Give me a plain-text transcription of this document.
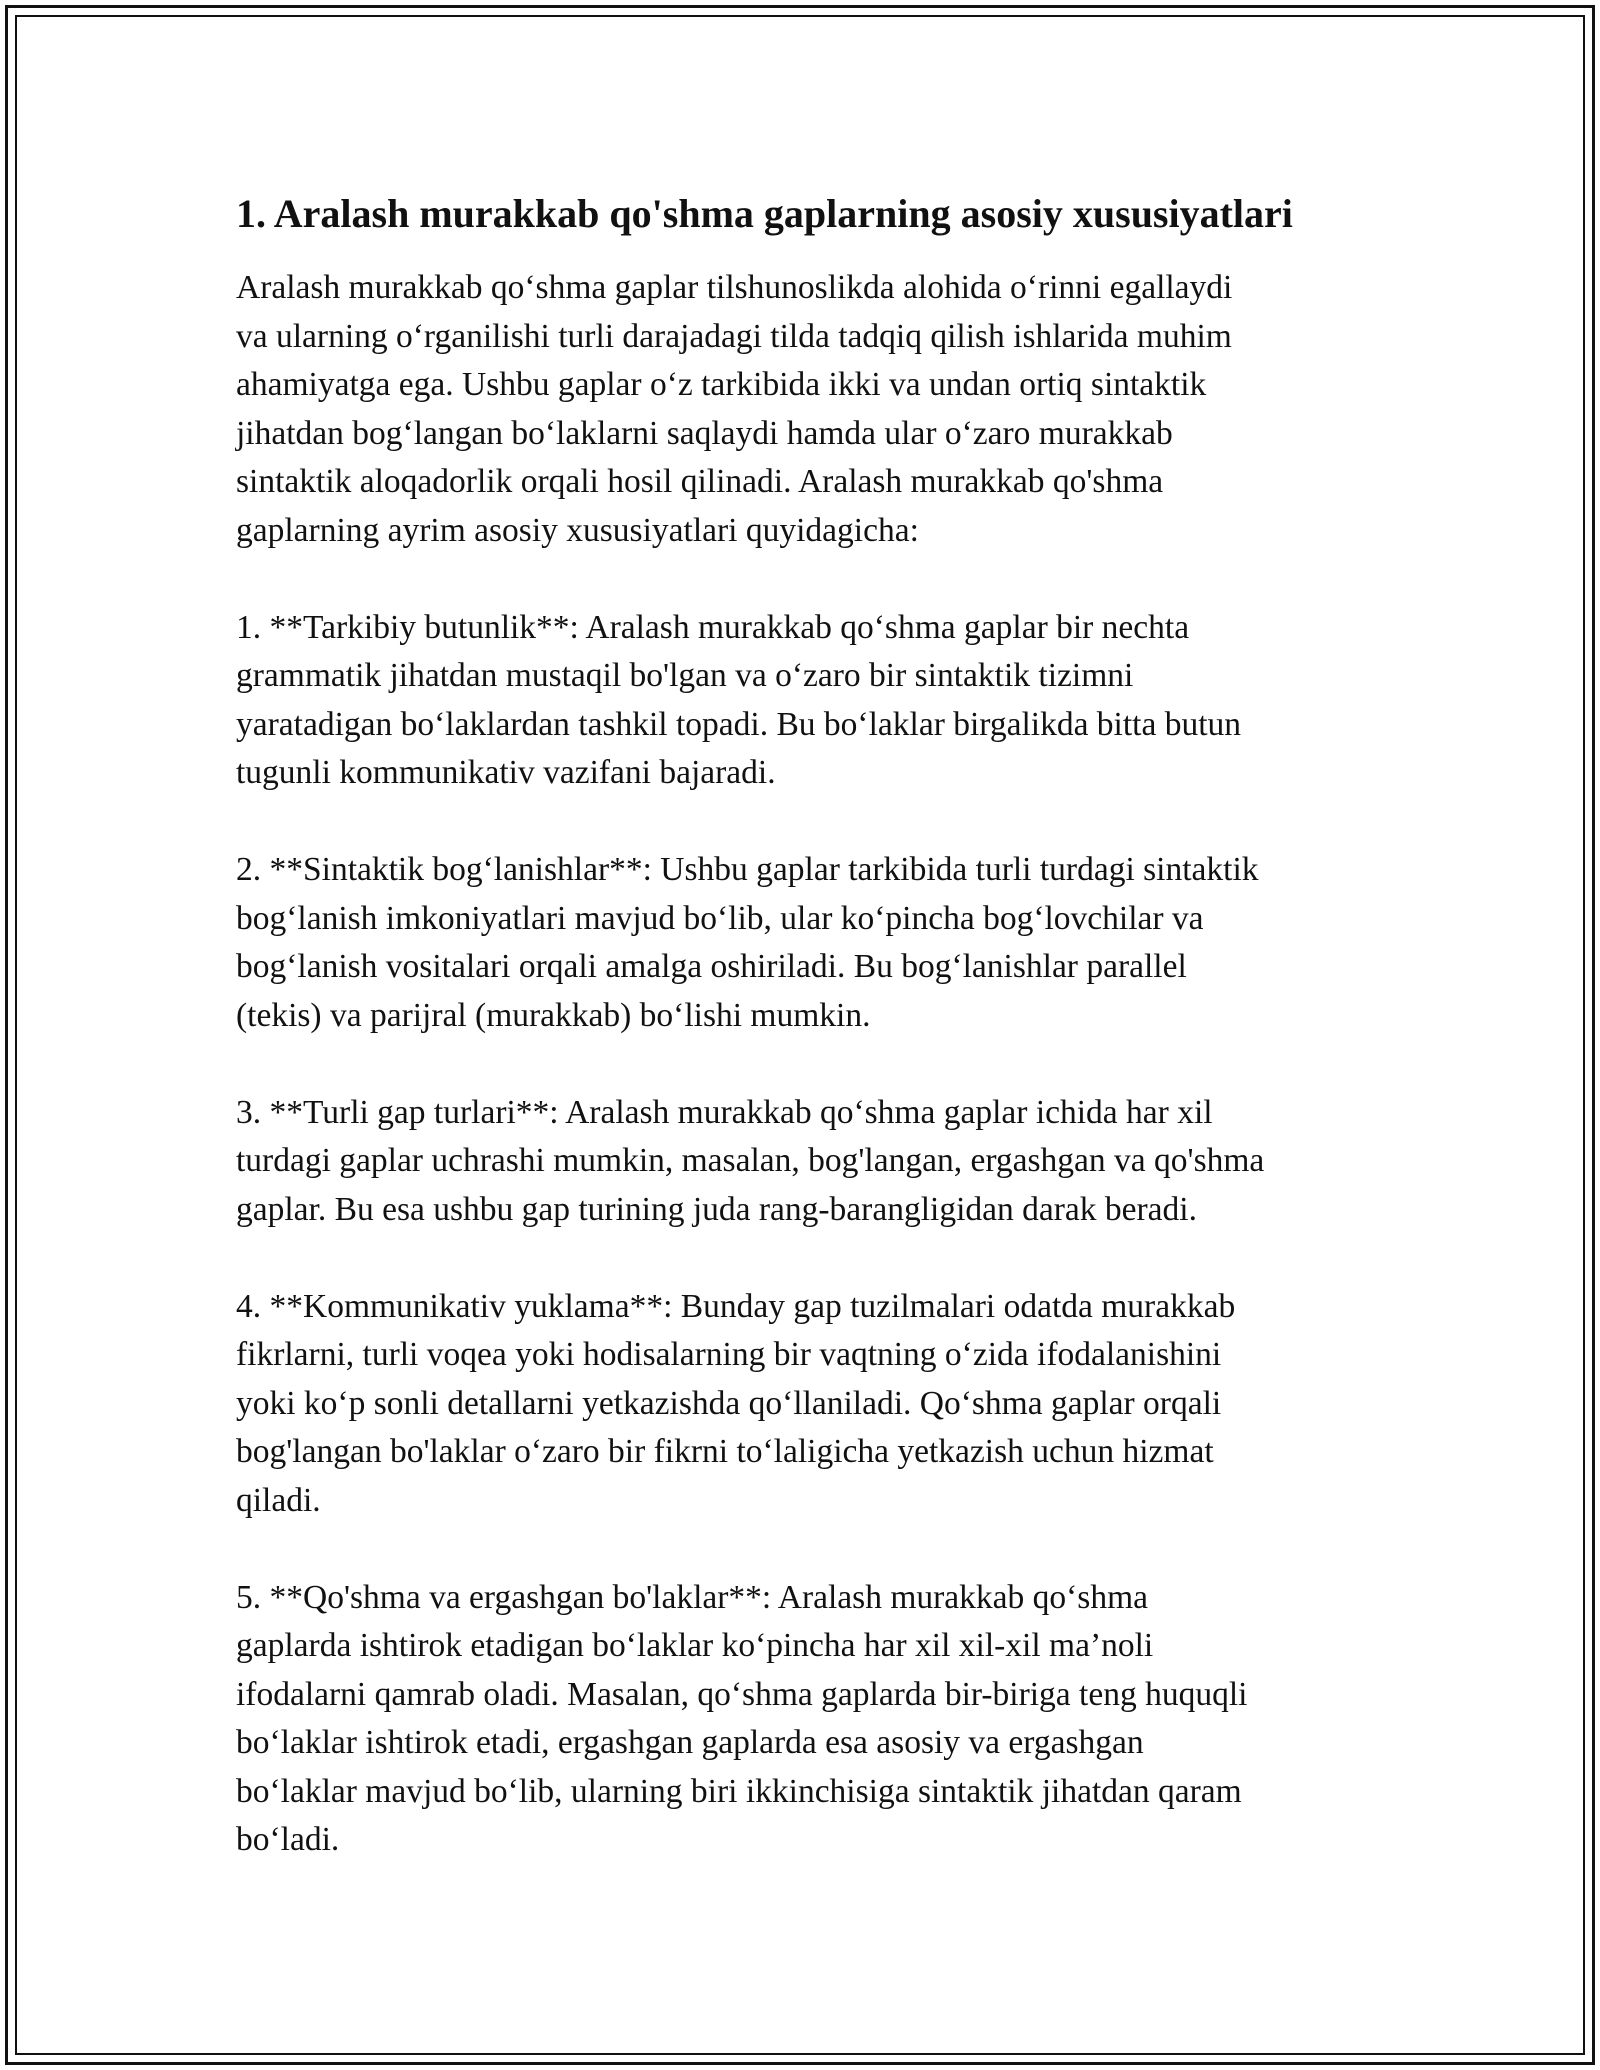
1. Aralash murakkab qo'shma gaplarning asosiy xususiyatlari
Aralash murakkab qo‘shma gaplar tilshunoslikda alohida o‘rinni egallaydi
va ularning o‘rganilishi turli darajadagi tilda tadqiq qilish ishlarida muhim
ahamiyatga ega. Ushbu gaplar o‘z tarkibida ikki va undan ortiq sintaktik
jihatdan bog‘langan bo‘laklarni saqlaydi hamda ular o‘zaro murakkab
sintaktik aloqadorlik orqali hosil qilinadi. Aralash murakkab qo'shma
gaplarning ayrim asosiy xususiyatlari quyidagicha:
1. **Tarkibiy butunlik**: Aralash murakkab qo‘shma gaplar bir nechta
grammatik jihatdan mustaqil bo'lgan va o‘zaro bir sintaktik tizimni
yaratadigan bo‘laklardan tashkil topadi. Bu bo‘laklar birgalikda bitta butun
tugunli kommunikativ vazifani bajaradi.
2. **Sintaktik bog‘lanishlar**: Ushbu gaplar tarkibida turli turdagi sintaktik
bog‘lanish imkoniyatlari mavjud bo‘lib, ular ko‘pincha bog‘lovchilar va
bog‘lanish vositalari orqali amalga oshiriladi. Bu bog‘lanishlar parallel
(tekis) va parijral (murakkab) bo‘lishi mumkin.
3. **Turli gap turlari**: Aralash murakkab qo‘shma gaplar ichida har xil
turdagi gaplar uchrashi mumkin, masalan, bog'langan, ergashgan va qo'shma
gaplar. Bu esa ushbu gap turining juda rang-barangligidan darak beradi.
4. **Kommunikativ yuklama**: Bunday gap tuzilmalari odatda murakkab
fikrlarni, turli voqea yoki hodisalarning bir vaqtning o‘zida ifodalanishini
yoki ko‘p sonli detallarni yetkazishda qo‘llaniladi. Qo‘shma gaplar orqali
bog'langan bo'laklar o‘zaro bir fikrni to‘laligicha yetkazish uchun hizmat
qiladi.
5. **Qo'shma va ergashgan bo'laklar**: Aralash murakkab qo‘shma
gaplarda ishtirok etadigan bo‘laklar ko‘pincha har xil xil-xil ma’noli
ifodalarni qamrab oladi. Masalan, qo‘shma gaplarda bir-biriga teng huquqli
bo‘laklar ishtirok etadi, ergashgan gaplarda esa asosiy va ergashgan
bo‘laklar mavjud bo‘lib, ularning biri ikkinchisiga sintaktik jihatdan qaram
bo‘ladi.
